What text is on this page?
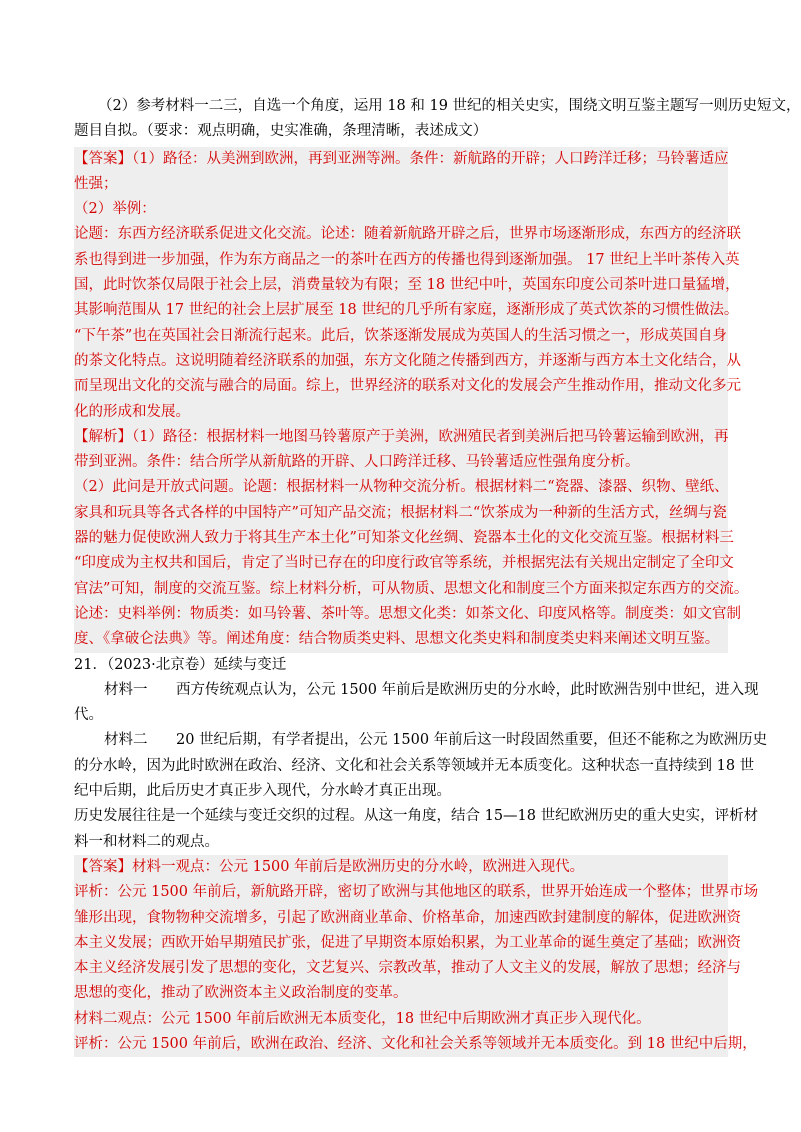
（2）参考材料一二三，自选一个角度，运用 18 和 19 世纪的相关史实，围绕文明互鉴主题写一则历史短文，
题目自拟。（要求：观点明确，史实准确，条理清晰，表述成文）
【答案】（1）路径：从美洲到欧洲，再到亚洲等洲。条件：新航路的开辟；人口跨洋迁移；马铃薯适应
性强；
（2）举例：
论题：东西方经济联系促进文化交流。论述：随着新航路开辟之后，世界市场逐渐形成，东西方的经济联
系也得到进一步加强，作为东方商品之一的茶叶在西方的传播也得到逐渐加强。 17 世纪上半叶茶传入英
国，此时饮茶仅局限于社会上层，消费量较为有限；至 18 世纪中叶，英国东印度公司茶叶进口量猛增，
其影响范围从 17 世纪的社会上层扩展至 18 世纪的几乎所有家庭，逐渐形成了英式饮茶的习惯性做法。
“下午茶”也在英国社会日渐流行起来。此后，饮茶逐渐发展成为英国人的生活习惯之一，形成英国自身
的茶文化特点。这说明随着经济联系的加强，东方文化随之传播到西方，并逐渐与西方本土文化结合，从
而呈现出文化的交流与融合的局面。综上，世界经济的联系对文化的发展会产生推动作用，推动文化多元
化的形成和发展。
【解析】（1）路径：根据材料一地图马铃薯原产于美洲，欧洲殖民者到美洲后把马铃薯运输到欧洲，再
带到亚洲。条件：结合所学从新航路的开辟、人口跨洋迁移、马铃薯适应性强角度分析。
（2）此问是开放式问题。论题：根据材料一从物种交流分析。根据材料二“瓷器、漆器、织物、壁纸、
家具和玩具等各式各样的中国特产”可知产品交流；根据材料二“饮茶成为一种新的生活方式，丝绸与瓷
器的魅力促使欧洲人致力于将其生产本土化”可知茶文化丝绸、瓷器本土化的文化交流互鉴。根据材料三
“印度成为主权共和国后，肯定了当时已存在的印度行政官等系统，并根据宪法有关规出定制定了全印文
官法”可知，制度的交流互鉴。综上材料分析，可从物质、思想文化和制度三个方面来拟定东西方的交流。
论述：史料举例：物质类：如马铃薯、茶叶等。思想文化类：如茶文化、印度风格等。制度类：如文官制
度、《拿破仑法典》等。阐述角度：结合物质类史料、思想文化类史料和制度类史料来阐述文明互鉴。
21．（2023·北京卷）延续与变迁
材料一 西方传统观点认为，公元 1500 年前后是欧洲历史的分水岭，此时欧洲告别中世纪，进入现
代。
材料二 20 世纪后期，有学者提出，公元 1500 年前后这一时段固然重要，但还不能称之为欧洲历史
的分水岭，因为此时欧洲在政治、经济、文化和社会关系等领域并无本质变化。这种状态一直持续到 18 世
纪中后期，此后历史才真正步入现代，分水岭才真正出现。
历史发展往往是一个延续与变迁交织的过程。从这一角度，结合 15—18 世纪欧洲历史的重大史实，评析材
料一和材料二的观点。
【答案】材料一观点：公元 1500 年前后是欧洲历史的分水岭，欧洲进入现代。
评析：公元 1500 年前后，新航路开辟，密切了欧洲与其他地区的联系，世界开始连成一个整体；世界市场
雏形出现，食物物种交流增多，引起了欧洲商业革命、价格革命，加速西欧封建制度的解体，促进欧洲资
本主义发展；西欧开始早期殖民扩张，促进了早期资本原始积累，为工业革命的诞生奠定了基础；欧洲资
本主义经济发展引发了思想的变化，文艺复兴、宗教改革，推动了人文主义的发展，解放了思想；经济与
思想的变化，推动了欧洲资本主义政治制度的变革。
材料二观点：公元 1500 年前后欧洲无本质变化，18 世纪中后期欧洲才真正步入现代化。
评析：公元 1500 年前后，欧洲在政治、经济、文化和社会关系等领域并无本质变化。到 18 世纪中后期，
